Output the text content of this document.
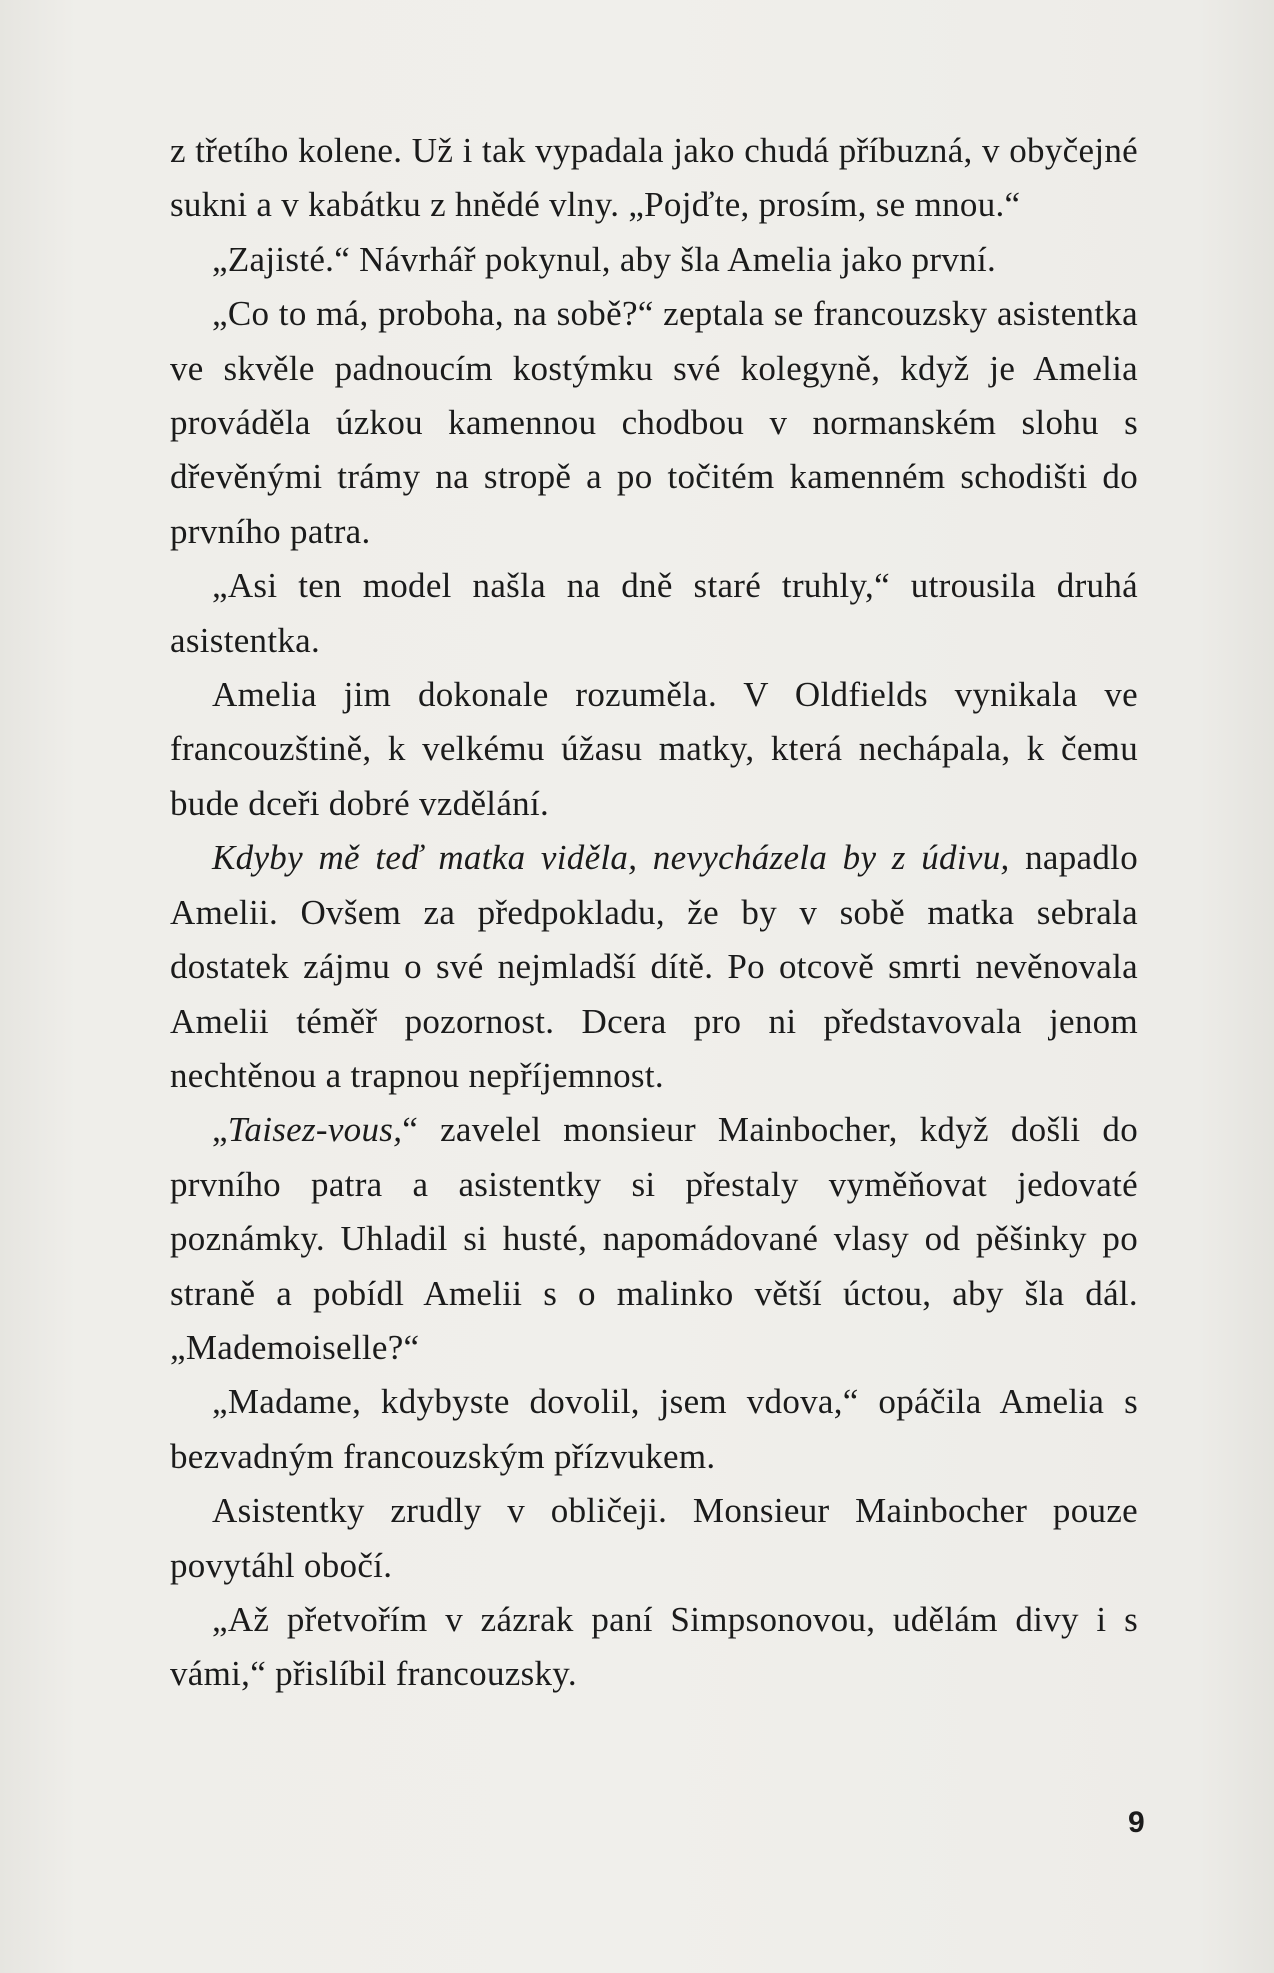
z třetího kolene. Už i tak vypadala jako chudá příbuzná, v obyčejné sukni a v kabátku z hnědé vlny. „Pojďte, prosím, se mnou.“

„Zajisté.“ Návrhář pokynul, aby šla Amelia jako první.

„Co to má, proboha, na sobě?“ zeptala se francouzsky asistentka ve skvěle padnoucím kostýmku své kolegyně, když je Amelia prováděla úzkou kamennou chodbou v normanském slohu s dřevěnými trámy na stropě a po točitém kamenném schodišti do prvního patra.

„Asi ten model našla na dně staré truhly,“ utrousila druhá asistentka.

Amelia jim dokonale rozuměla. V Oldfields vynikala ve francouzštině, k velkému úžasu matky, která nechápala, k čemu bude dceři dobré vzdělání.

Kdyby mě teď matka viděla, nevycházela by z údivu, napadlo Amelii. Ovšem za předpokladu, že by v sobě matka sebrala dostatek zájmu o své nejmladší dítě. Po otcově smrti nevěnovala Amelii téměř pozornost. Dcera pro ni představovala jenom nechtěnou a trapnou nepříjemnost.

„Taisez-vous,“ zavelel monsieur Mainbocher, když došli do prvního patra a asistentky si přestaly vyměňovat jedovaté poznámky. Uhladil si husté, napomádované vlasy od pěšinky po straně a pobídl Amelii s o malinko větší úctou, aby šla dál. „Mademoiselle?“

„Madame, kdybyste dovolil, jsem vdova,“ opáčila Amelia s bezvadným francouzským přízvukem.

Asistentky zrudly v obličeji. Monsieur Mainbocher pouze povytáhl obočí.

„Až přetvořím v zázrak paní Simpsonovou, udělám divy i s vámi,“ přislíbil francouzsky.

9
